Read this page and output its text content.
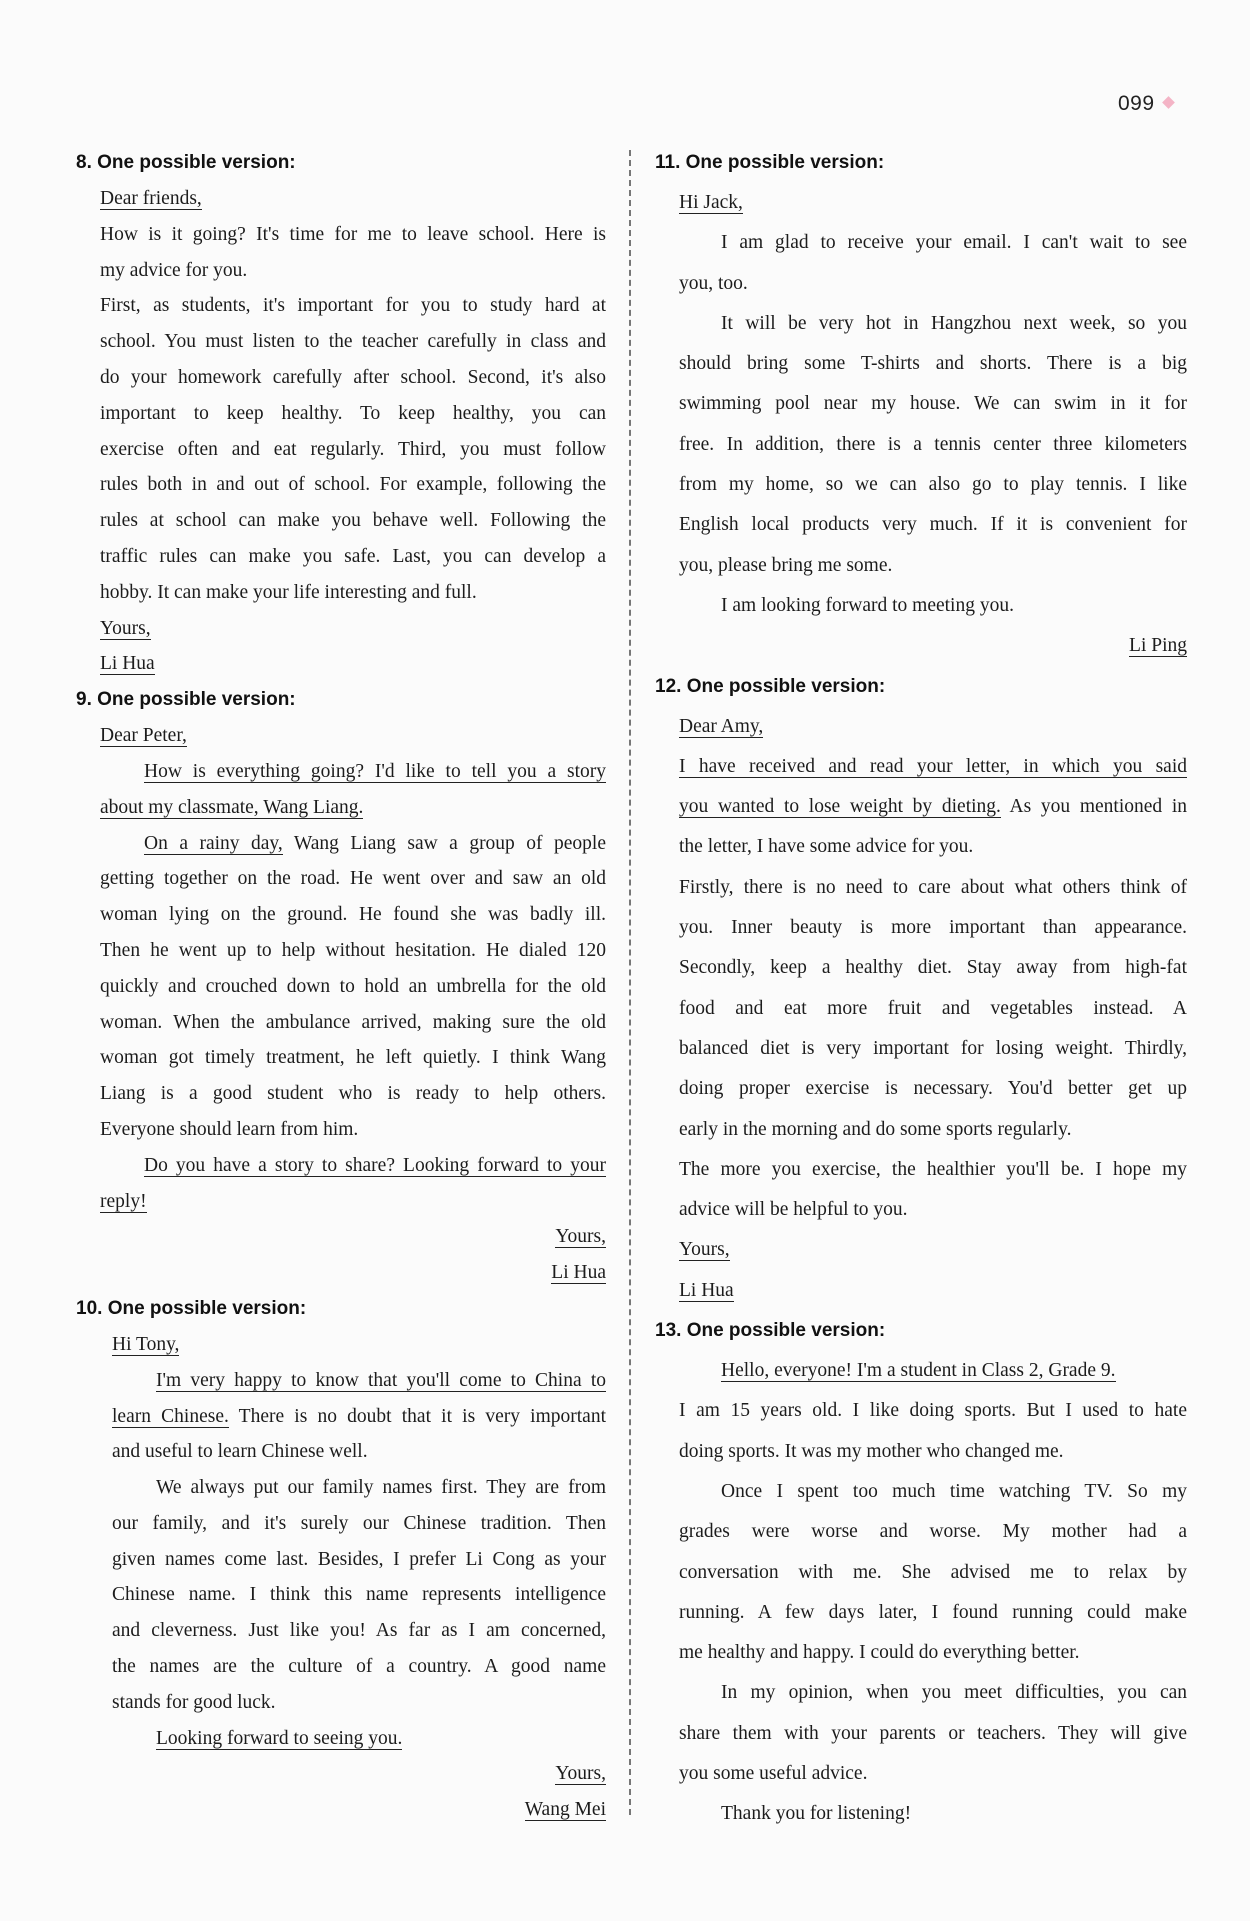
099
8. One possible version:
Dear friends,
How is it going? It's time for me to leave school. Here is
my advice for you.
First, as students, it's important for you to study hard at
school. You must listen to the teacher carefully in class and
do your homework carefully after school. Second, it's also
important to keep healthy. To keep healthy, you can
exercise often and eat regularly. Third, you must follow
rules both in and out of school. For example, following the
rules at school can make you behave well. Following the
traffic rules can make you safe. Last, you can develop a
hobby. It can make your life interesting and full.
Yours,
Li Hua
9. One possible version:
Dear Peter,
How is everything going? I'd like to tell you a story
about my classmate, Wang Liang.
On a rainy day, Wang Liang saw a group of people
getting together on the road. He went over and saw an old
woman lying on the ground. He found she was badly ill.
Then he went up to help without hesitation. He dialed 120
quickly and crouched down to hold an umbrella for the old
woman. When the ambulance arrived, making sure the old
woman got timely treatment, he left quietly. I think Wang
Liang is a good student who is ready to help others.
Everyone should learn from him.
Do you have a story to share? Looking forward to your
reply!
Yours,
Li Hua
10. One possible version:
Hi Tony,
I'm very happy to know that you'll come to China to
learn Chinese. There is no doubt that it is very important
and useful to learn Chinese well.
We always put our family names first. They are from
our family, and it's surely our Chinese tradition. Then
given names come last. Besides, I prefer Li Cong as your
Chinese name. I think this name represents intelligence
and cleverness. Just like you! As far as I am concerned,
the names are the culture of a country. A good name
stands for good luck.
Looking forward to seeing you.
Yours,
Wang Mei
11. One possible version:
Hi Jack,
I am glad to receive your email. I can't wait to see
you, too.
It will be very hot in Hangzhou next week, so you
should bring some T-shirts and shorts. There is a big
swimming pool near my house. We can swim in it for
free. In addition, there is a tennis center three kilometers
from my home, so we can also go to play tennis. I like
English local products very much. If it is convenient for
you, please bring me some.
I am looking forward to meeting you.
Li Ping
12. One possible version:
Dear Amy,
I have received and read your letter, in which you said
you wanted to lose weight by dieting. As you mentioned in
the letter, I have some advice for you.
Firstly, there is no need to care about what others think of
you. Inner beauty is more important than appearance.
Secondly, keep a healthy diet. Stay away from high-fat
food and eat more fruit and vegetables instead. A
balanced diet is very important for losing weight. Thirdly,
doing proper exercise is necessary. You'd better get up
early in the morning and do some sports regularly.
The more you exercise, the healthier you'll be. I hope my
advice will be helpful to you.
Yours,
Li Hua
13. One possible version:
Hello, everyone! I'm a student in Class 2, Grade 9.
I am 15 years old. I like doing sports. But I used to hate
doing sports. It was my mother who changed me.
Once I spent too much time watching TV. So my
grades were worse and worse. My mother had a
conversation with me. She advised me to relax by
running. A few days later, I found running could make
me healthy and happy. I could do everything better.
In my opinion, when you meet difficulties, you can
share them with your parents or teachers. They will give
you some useful advice.
Thank you for listening!
